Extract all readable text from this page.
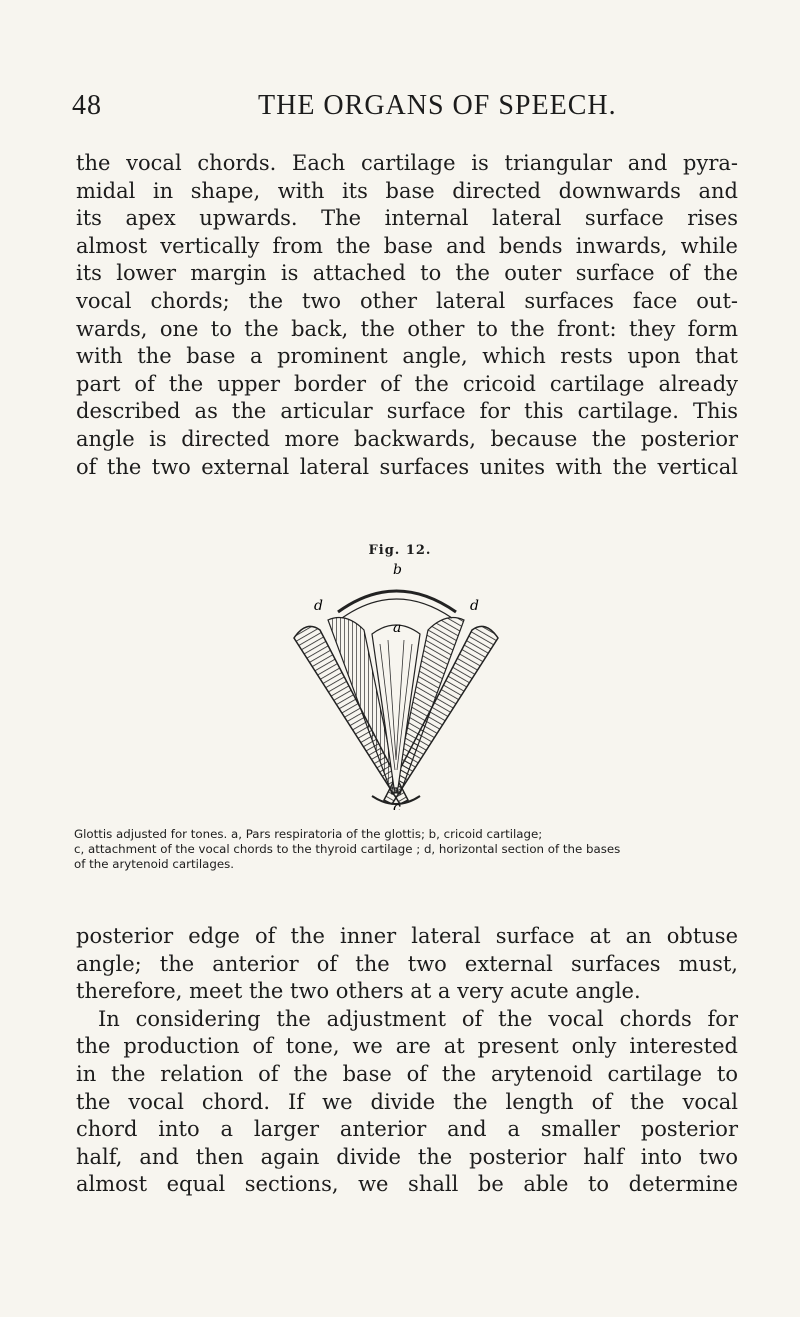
48	THE ORGANS OF SPEECH.
the vocal chords. Each cartilage is triangular and pyra-
midal in shape, with its base directed downwards and
its apex upwards. The internal lateral surface rises
almost vertically from the base and bends inwards, while
its lower margin is attached to the outer surface of the
vocal chords; the two other lateral surfaces face out-
wards, one to the back, the other to the front: they form
with the base a prominent angle, which rests upon that
part of the upper border of the cricoid cartilage already
described as the articular surface for this cartilage. This
angle is directed more backwards, because the posterior
of the two external lateral surfaces unites with the vertical
Fig. 12.
b
d	d
a
c
Glottis adjusted for tones. a, Pars respiratoria of the glottis; b, cricoid cartilage;
c, attachment of the vocal chords to the thyroid cartilage ; d, horizontal section of the bases
of the arytenoid cartilages.
posterior edge of the inner lateral surface at an obtuse
angle; the anterior of the two external surfaces must,
therefore, meet the two others at a very acute angle.
In considering the adjustment of the vocal chords for
the production of tone, we are at present only interested
in the relation of the base of the arytenoid cartilage to
the vocal chord. If we divide the length of the vocal
chord into a larger anterior and a smaller posterior
half, and then again divide the posterior half into two
almost equal sections, we shall be able to determine
